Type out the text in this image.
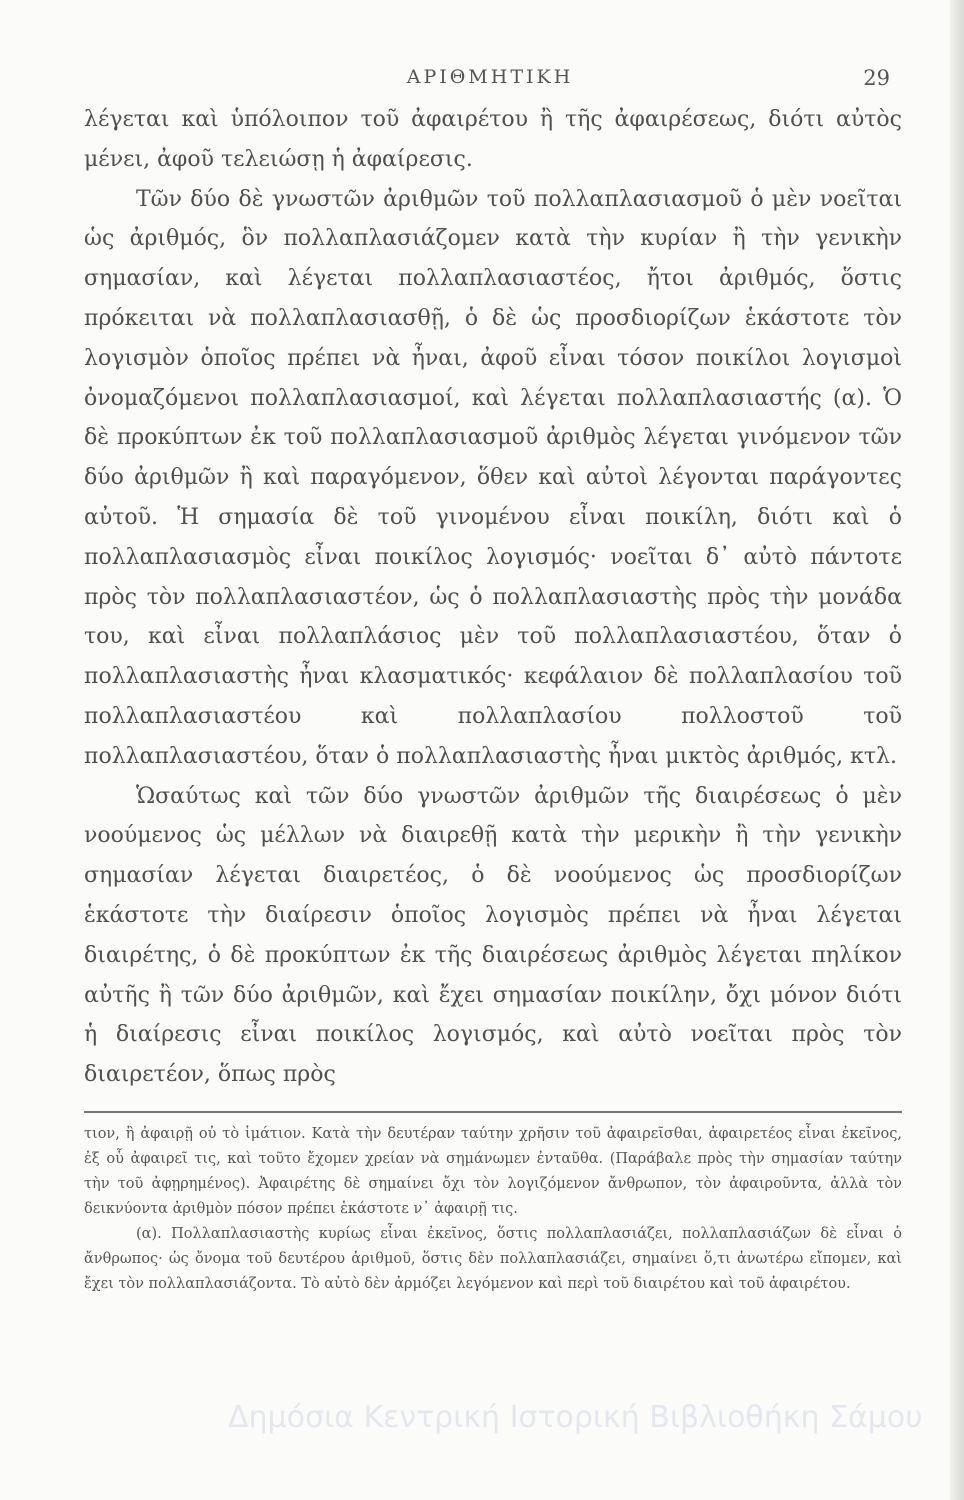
ΑΡΙΘΜΗΤΙΚΗ	29

λέγεται καὶ ὑπόλοιπον τοῦ ἀφαιρέτου ἢ τῆς ἀφαιρέσεως, διότι αὐτὸς μένει, ἀφοῦ τελειώσῃ ἡ ἀφαίρεσις.

Τῶν δύο δὲ γνωστῶν ἀριθμῶν τοῦ πολλαπλασιασμοῦ ὁ μὲν νοεῖται ὡς ἀριθμός, ὃν πολλαπλασιάζομεν κατὰ τὴν κυρίαν ἢ τὴν γενικὴν σημασίαν, καὶ λέγεται πολλαπλασιαστέος, ἤτοι ἀριθμός, ὅστις πρόκειται νὰ πολλαπλασιασθῇ, ὁ δὲ ὡς προσδιορίζων ἑκάστοτε τὸν λογισμὸν ὁποῖος πρέπει νὰ ἦναι, ἀφοῦ εἶναι τόσον ποικίλοι λογισμοὶ ὀνομαζόμενοι πολλαπλασιασμοί, καὶ λέγεται πολλαπλασιαστής (α). Ὁ δὲ προκύπτων ἐκ τοῦ πολλαπλασιασμοῦ ἀριθμὸς λέγεται γινόμενον τῶν δύο ἀριθμῶν ἢ καὶ παραγόμενον, ὅθεν καὶ αὐτοὶ λέγονται παράγοντες αὐτοῦ. Ἡ σημασία δὲ τοῦ γινομένου εἶναι ποικίλη, διότι καὶ ὁ πολλαπλασιασμὸς εἶναι ποικίλος λογισμός· νοεῖται δ᾽ αὐτὸ πάντοτε πρὸς τὸν πολλαπλασιαστέον, ὡς ὁ πολλαπλασιαστὴς πρὸς τὴν μονάδα του, καὶ εἶναι πολλαπλάσιος μὲν τοῦ πολλαπλασιαστέου, ὅταν ὁ πολλαπλασιαστὴς ἦναι κλασματικός· κεφάλαιον δὲ πολλαπλασίου τοῦ πολλαπλασιαστέου καὶ πολλαπλασίου πολλοστοῦ τοῦ πολλαπλασιαστέου, ὅταν ὁ πολλαπλασιαστὴς ἦναι μικτὸς ἀριθμός, κτλ.

Ὡσαύτως καὶ τῶν δύο γνωστῶν ἀριθμῶν τῆς διαιρέσεως ὁ μὲν νοούμενος ὡς μέλλων νὰ διαιρεθῇ κατὰ τὴν μερικὴν ἢ τὴν γενικὴν σημασίαν λέγεται διαιρετέος, ὁ δὲ νοούμενος ὡς προσδιορίζων ἑκάστοτε τὴν διαίρεσιν ὁποῖος λογισμὸς πρέπει νὰ ἦναι λέγεται διαιρέτης, ὁ δὲ προκύπτων ἐκ τῆς διαιρέσεως ἀριθμὸς λέγεται πηλίκον αὐτῆς ἢ τῶν δύο ἀριθμῶν, καὶ ἔχει σημασίαν ποικίλην, ὄχι μόνον διότι ἡ διαίρεσις εἶναι ποικίλος λογισμός, καὶ αὐτὸ νοεῖται πρὸς τὸν διαιρετέον, ὅπως πρὸς

τιον, ἢ ἀφαιρῇ οὐ τὸ ἱμάτιον. Κατὰ τὴν δευτέραν ταύτην χρῆσιν τοῦ ἀφαιρεῖσθαι, ἀφαιρετέος εἶναι ἐκεῖνος, ἐξ οὗ ἀφαιρεῖ τις, καὶ τοῦτο ἔχομεν χρείαν νὰ σημάνωμεν ἐνταῦθα. (Παράβαλε πρὸς τὴν σημασίαν ταύτην τὴν τοῦ ἀφῃρημένος). Ἀφαιρέτης δὲ σημαίνει ὄχι τὸν λογιζόμενον ἄνθρωπον, τὸν ἀφαιροῦντα, ἀλλὰ τὸν δεικνύοντα ἀριθμὸν πόσον πρέπει ἑκάστοτε ν᾽ ἀφαιρῇ τις.

(α). Πολλαπλασιαστὴς κυρίως εἶναι ἐκεῖνος, ὅστις πολλαπλασιάζει, πολλαπλασιάζων δὲ εἶναι ὁ ἄνθρωπος· ὡς ὄνομα τοῦ δευτέρου ἀριθμοῦ, ὅστις δὲν πολλαπλασιάζει, σημαίνει ὅ,τι ἀνωτέρω εἴπομεν, καὶ ἔχει τὸν πολλαπλασιάζοντα. Τὸ αὐτὸ δὲν ἁρμόζει λεγόμενον καὶ περὶ τοῦ διαιρέτου καὶ τοῦ ἀφαιρέτου.

Δημόσια Κεντρική Ιστορική Βιβλιοθήκη Σάμου
